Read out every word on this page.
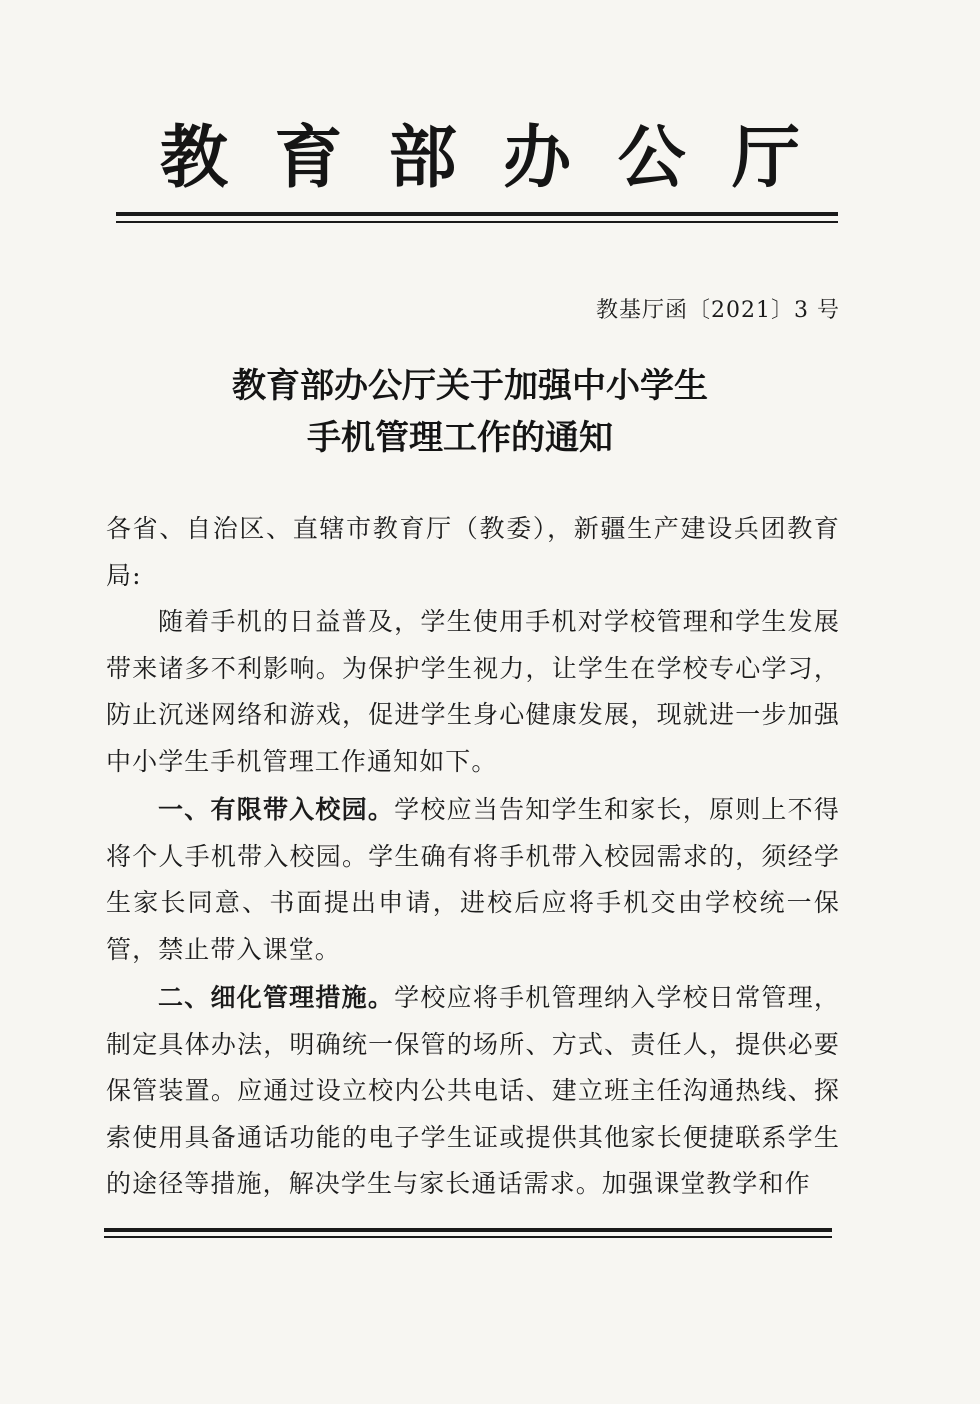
教 育 部 办 公 厅
教基厅函〔2021〕3 号
教育部办公厅关于加强中小学生
手机管理工作的通知

各省、自治区、直辖市教育厅（教委），新疆生产建设兵团教育局:

随着手机的日益普及，学生使用手机对学校管理和学生发展带来诸多不利影响。为保护学生视力，让学生在学校专心学习，防止沉迷网络和游戏，促进学生身心健康发展，现就进一步加强中小学生手机管理工作通知如下。

一、有限带入校园。学校应当告知学生和家长，原则上不得将个人手机带入校园。学生确有将手机带入校园需求的，须经学生家长同意、书面提出申请，进校后应将手机交由学校统一保管，禁止带入课堂。

二、细化管理措施。学校应将手机管理纳入学校日常管理，制定具体办法，明确统一保管的场所、方式、责任人，提供必要保管装置。应通过设立校内公共电话、建立班主任沟通热线、探索使用具备通话功能的电子学生证或提供其他家长便捷联系学生的途径等措施，解决学生与家长通话需求。加强课堂教学和作
